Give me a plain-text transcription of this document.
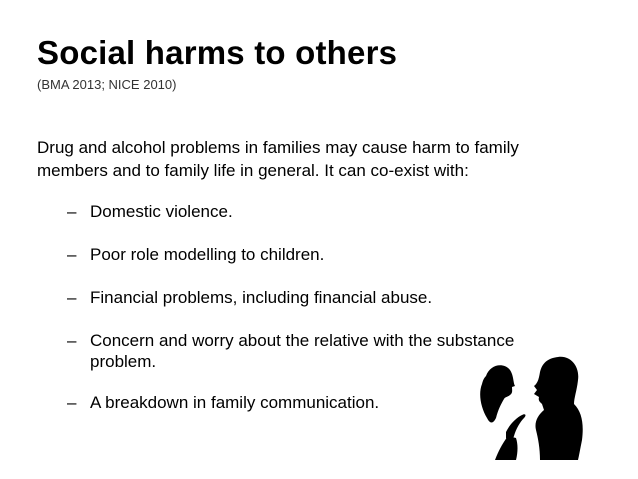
Social harms to others
(BMA 2013; NICE 2010)
Drug and alcohol problems in families may cause harm to family
members and to family life in general. It can co-exist with:
– Domestic violence.
– Poor role modelling to children.
– Financial problems, including financial abuse.
– Concern and worry about the relative with the substance problem.
– A breakdown in family communication.
